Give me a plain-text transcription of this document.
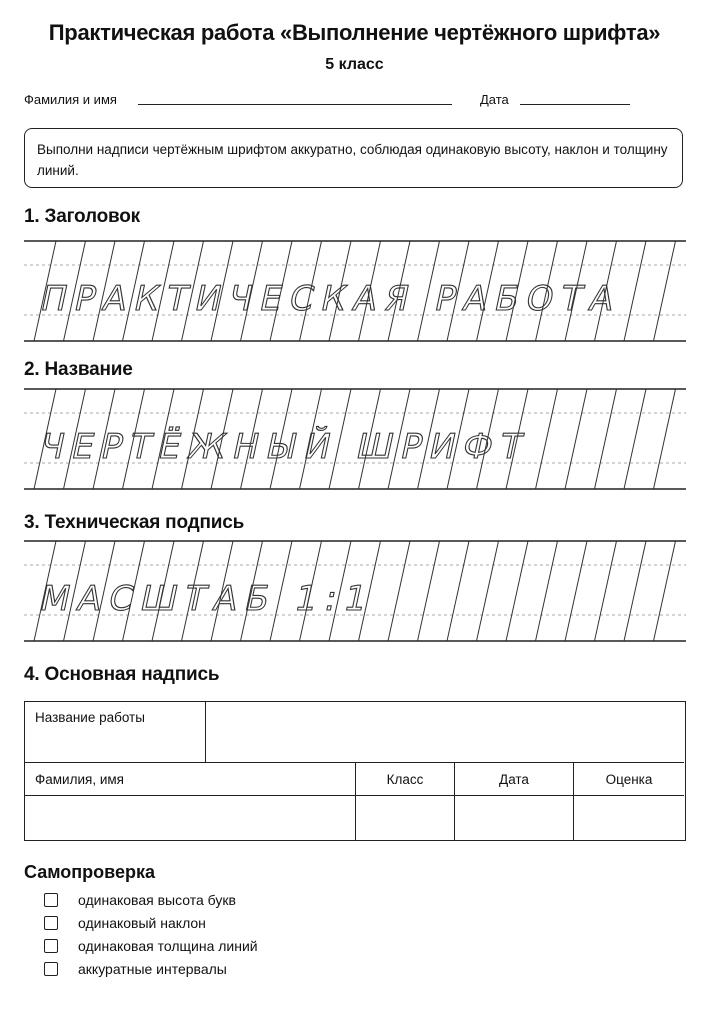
Практическая работа «Выполнение чертёжного шрифта»
5 класс
Фамилия и имя	Дата
Выполни надписи чертёжным шрифтом аккуратно, соблюдая одинаковую высоту, наклон и толщину линий.
1. Заголовок
2. Название
3. Техническая подпись
ПРАКТИЧЕСКАЯ РАБОТА
ЧЕРТЁЖНЫЙ ШРИФТ
МАСШТАБ 1:1
4. Основная надпись
Название работы
Фамилия, имя	Класс	Дата	Оценка
Самопроверка
одинаковая высота букв
одинаковый наклон
одинаковая толщина линий
аккуратные интервалы
